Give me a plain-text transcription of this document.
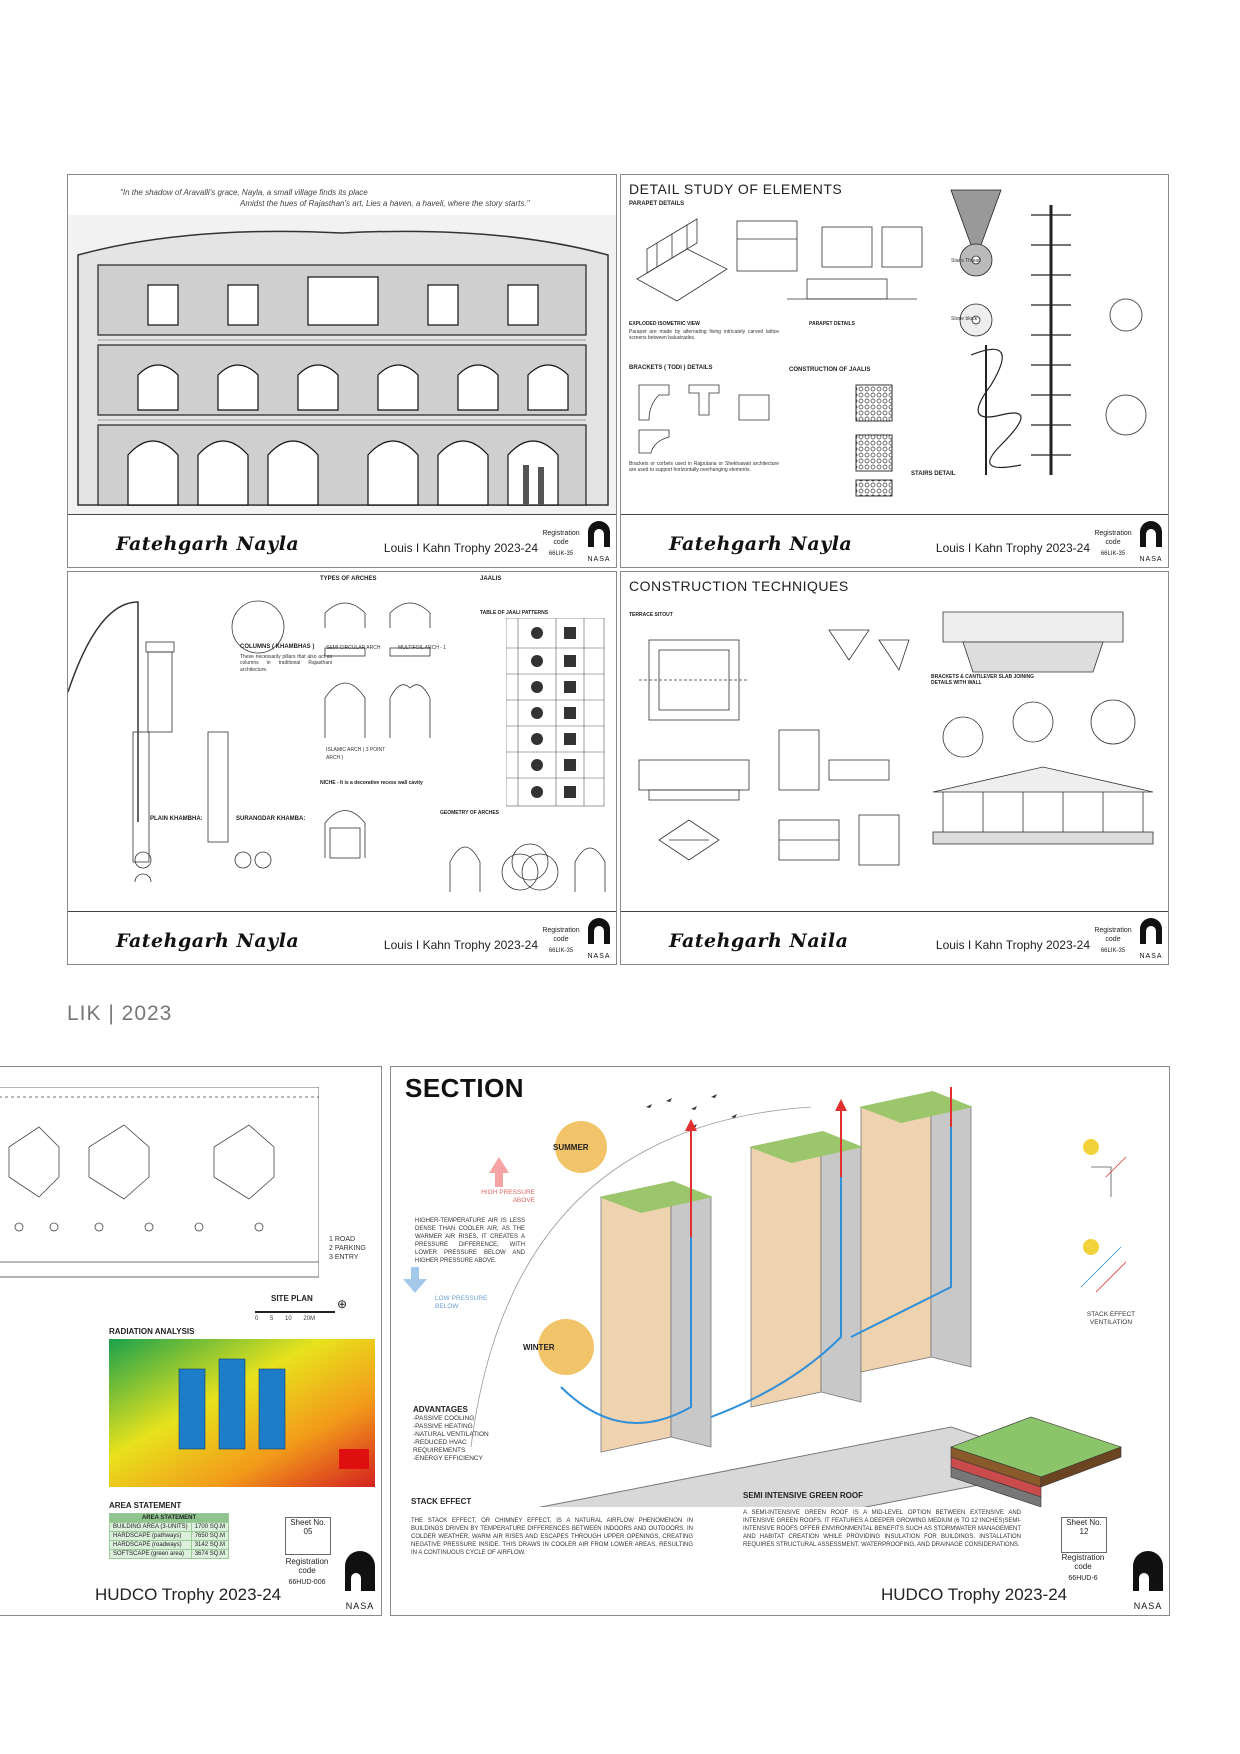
"In the shadow of Aravalli's grace, Nayla, a small village finds its place

Amidst the hues of Rajasthan's art, Lies a haven, a haveli, where the story starts."

Fatehgarh Nayla	Louis I Kahn Trophy 2023-24
Registration code
66LIK-35
NASA
DETAIL STUDY OF ELEMENTS
PARAPET DETAILS
EXPLODED ISOMETRIC VIEW
Parapet are made by alternating fixing intricately carved lattice screens between balustrades.
PARAPET DETAILS
BRACKETS ( TODI ) DETAILS
Brackets or corbels used in Rajputana or Shekhawati architecture are used to support horizontally overhanging elements.
CONSTRUCTION OF JAALIS
Stairs Thread
Stone block
STAIRS DETAIL
Fatehgarh Nayla	Louis I Kahn Trophy 2023-24
Registration code
66LIK-35
NASA
COLUMNS ( KHAMBHAS )
These necessarily pillars that also act as columns in traditional Rajasthani architecture.
PLAIN KHAMBHA:	SURANGDAR KHAMBA:
TYPES OF ARCHES
SEMI CIRCULAR ARCH	MULTIFOIL ARCH - 1
ISLAMIC ARCH ( 3 POINT ARCH )
NICHE - It is a decorative recess wall cavity
GEOMETRY OF ARCHES
JAALIS
TABLE OF JAALI PATTERNS
Fatehgarh Nayla	Louis I Kahn Trophy 2023-24
Registration code
66LIK-35
NASA
CONSTRUCTION TECHNIQUES
TERRACE SITOUT
BRACKETS & CANTILEVER SLAB JOINING DETAILS WITH WALL
Fatehgarh Naila	Louis I Kahn Trophy 2023-24
Registration code
66LIK-35
NASA
LIK | 2023
1 ROAD
2 PARKING
3 ENTRY
SITE PLAN ⊕
0 5 10 20M
RADIATION ANALYSIS
AREA STATEMENT
AREA STATEMENT	
BUILDING AREA (3-UNITS)	1700 SQ.M
HARDSCAPE (pathways)	7650 SQ.M
HARDSCAPE (roadways)	3142 SQ.M
SOFTSCAPE (green area)	3674 SQ.M
Sheet No.
05
Registration code
66HUD-006
HUDCO Trophy 2023-24
NASA
SECTION
HIGH PRESSURE ABOVE
HIGHER-TEMPERATURE AIR IS LESS DENSE THAN COOLER AIR, AS THE WARMER AIR RISES, IT CREATES A PRESSURE DIFFERENCE, WITH LOWER PRESSURE BELOW AND HIGHER PRESSURE ABOVE.
LOW PRESSURE BELOW
SUMMER
WINTER
STACK EFFECT VENTILATION
ADVANTAGES
-PASSIVE COOLING
-PASSIVE HEATING
-NATURAL VENTILATION
-REDUCED HVAC REQUIREMENTS
-ENERGY EFFICIENCY
STACK EFFECT
THE STACK EFFECT, OR CHIMNEY EFFECT, IS A NATURAL AIRFLOW PHENOMENON IN BUILDINGS DRIVEN BY TEMPERATURE DIFFERENCES BETWEEN INDOORS AND OUTDOORS. IN COLDER WEATHER, WARM AIR RISES AND ESCAPES THROUGH UPPER OPENINGS, CREATING NEGATIVE PRESSURE INSIDE. THIS DRAWS IN COOLER AIR FROM LOWER AREAS, RESULTING IN A CONTINUOUS CYCLE OF AIRFLOW.
SEMI INTENSIVE GREEN ROOF
A SEMI-INTENSIVE GREEN ROOF IS A MID-LEVEL OPTION BETWEEN EXTENSIVE AND INTENSIVE GREEN ROOFS. IT FEATURES A DEEPER GROWING MEDIUM (6 TO 12 INCHES)SEMI-INTENSIVE ROOFS OFFER ENVIRONMENTAL BENEFITS SUCH AS STORMWATER MANAGEMENT AND HABITAT CREATION WHILE PROVIDING INSULATION FOR BUILDINGS. INSTALLATION REQUIRES STRUCTURAL ASSESSMENT, WATERPROOFING, AND DRAINAGE CONSIDERATIONS.
Sheet No.
12
Registration code
66HUD-6
HUDCO Trophy 2023-24
NASA
